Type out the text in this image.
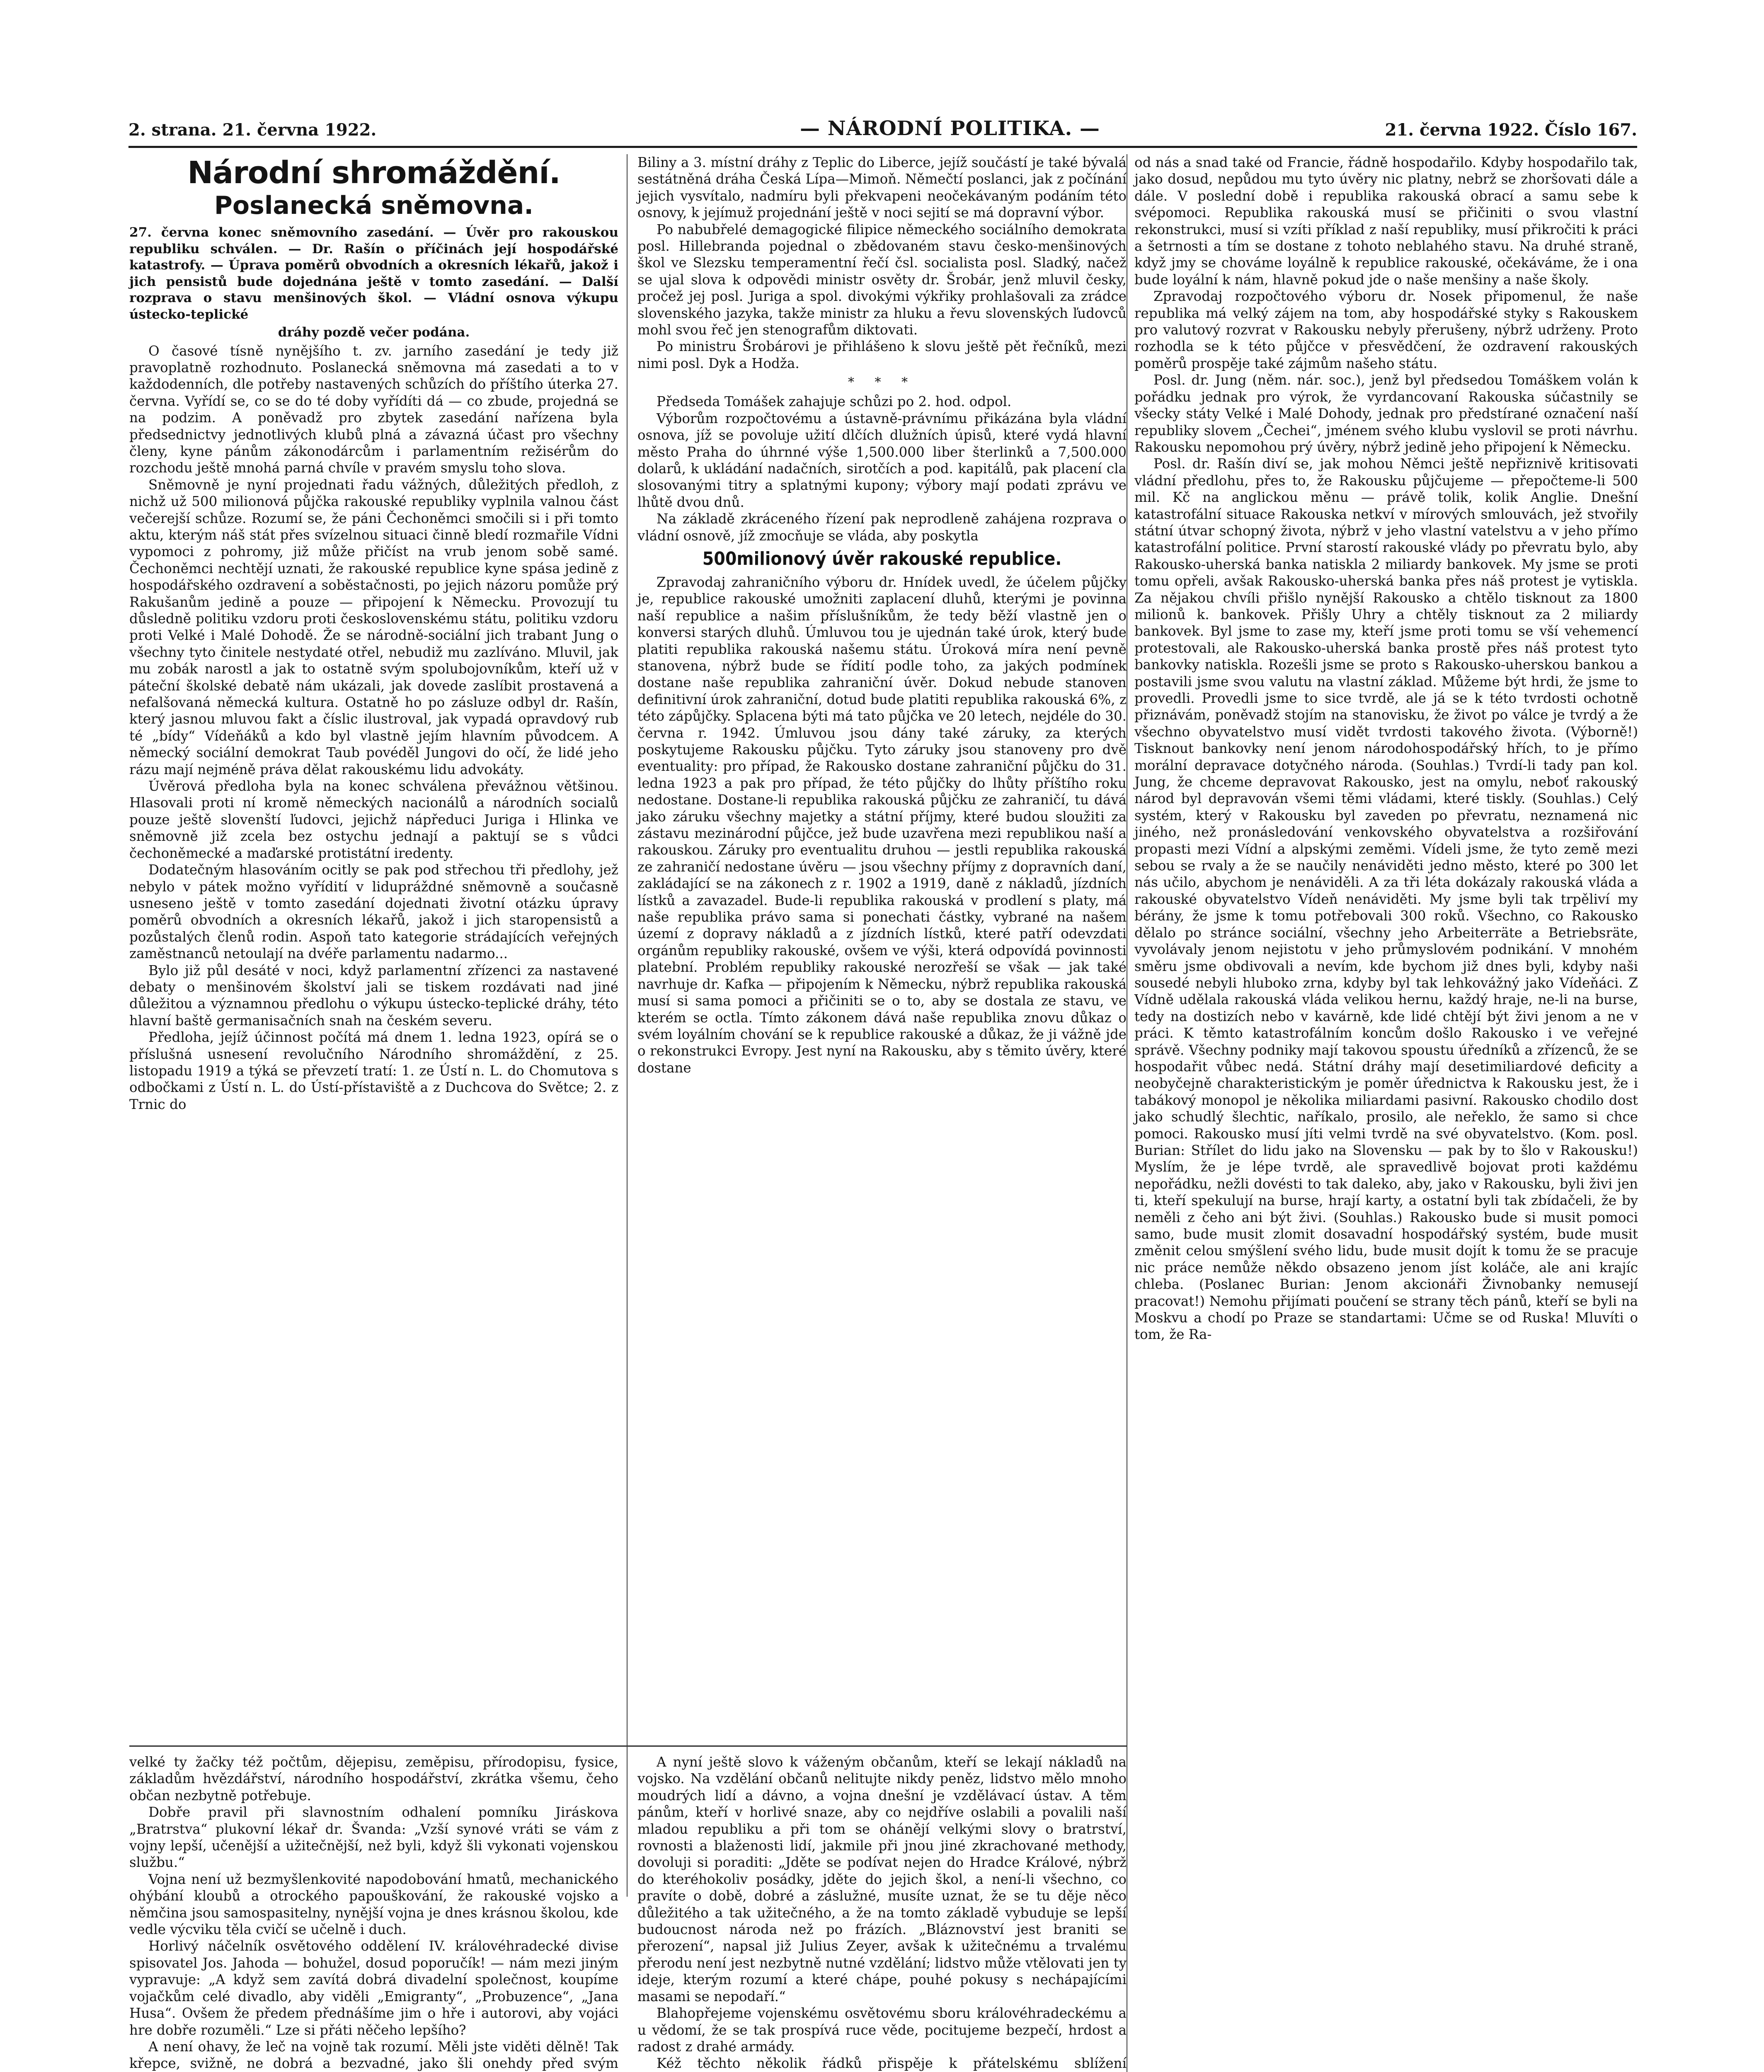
2. strana. 21. června 1922.	— NÁRODNÍ POLITIKA. —	21. června 1922. Číslo 167.
Národní shromáždění.
Poslanecká sněmovna.
27. června konec sněmovního zasedání. — Úvěr pro rakouskou republiku schválen. — Dr. Rašín o příčinách její hospodářské katastrofy. — Úprava poměrů obvodních a okresních lékařů, jakož i jich pensistů bude dojednána ještě v tomto zasedání. — Další rozprava o stavu menšinových škol. — Vládní osnova výkupu ústecko-teplické
dráhy pozdě večer podána.

O časové tísně nynějšího t. zv. jarního zasedání je tedy již pravoplatně rozhodnuto. Poslanecká sněmovna má zasedati a to v každodenních, dle potřeby nastavených schůzích do příštího úterka 27. června. Vyřídí se, co se do té doby vyřídíti dá — co zbude, projedná se na podzim. A poněvadž pro zbytek zasedání nařízena byla předsednictvy jednotlivých klubů plná a závazná účast pro všechny členy, kyne pánům zákonodárcům i parlamentním režisérům do rozchodu ještě mnohá parná chvíle v pravém smyslu toho slova.

Sněmovně je nyní projednati řadu vážných, důležitých předloh, z nichž už 500 milionová půjčka rakouské republiky vyplnila valnou část večerejší schůze. Rozumí se, že páni Čechoněmci smočili si i při tomto aktu, kterým náš stát přes svízelnou situaci činně bledí rozmařile Vídni vypomoci z pohromy, již může přičíst na vrub jenom sobě samé. Čechoněmci nechtějí uznati, že rakouské republice kyne spása jedině z hospodářského ozdravení a soběstačnosti, po jejich názoru pomůže prý Rakušanům jedině a pouze — připojení k Německu. Provozují tu důsledně politiku vzdoru proti československému státu, politiku vzdoru proti Velké i Malé Dohodě. Že se národně-sociální jich trabant Jung o všechny tyto činitele nestydaté otřel, nebudiž mu zazlíváno. Mluvil, jak mu zobák narostl a jak to ostatně svým spolubojovníkům, kteří už v páteční školské debatě nám ukázali, jak dovede zaslíbit prostavená a nefalšovaná německá kultura. Ostatně ho po zásluze odbyl dr. Rašín, který jasnou mluvou fakt a číslic ilustroval, jak vypadá opravdový rub té „bídy“ Vídeňáků a kdo byl vlastně jejím hlavním původcem. A německý sociální demokrat Taub povéděl Jungovi do očí, že lidé jeho rázu mají nejméně práva dělat rakouskému lidu advokáty.

Úvěrová předloha byla na konec schválena převážnou většinou. Hlasovali proti ní kromě německých nacionálů a národních socialů pouze ještě slovenští ľudovci, jejichž nápředuci Juriga i Hlinka ve sněmovně již zcela bez ostychu jednají a paktují se s vůdci čechoněmecké a maďarské protistátní iredenty.

Dodatečným hlasováním ocitly se pak pod střechou tři předlohy, jež nebylo v pátek možno vyřídití v lidupráždné sněmovně a současně usneseno ještě v tomto zasedání dojednati životní otázku úpravy poměrů obvodních a okresních lékařů, jakož i jich staropensistů a pozůstalých členů rodin. Aspoň tato kategorie strádajících veřejných zaměstnanců netoulají na dvéře parlamentu nadarmo...

Bylo již půl desáté v noci, když parlamentní zřízenci za nastavené debaty o menšinovém školství jali se tiskem rozdávati nad jiné důležitou a významnou předlohu o výkupu ústecko-teplické dráhy, této hlavní baště germanisačních snah na českém severu.

Předloha, jejíž účinnost počítá má dnem 1. ledna 1923, opírá se o příslušná usnesení revolučního Národního shromáždění, z 25. listopadu 1919 a týká se převzetí tratí: 1. ze Ústí n. L. do Chomutova s odbočkami z Ústí n. L. do Ústí-přístaviště a z Duchcova do Světce; 2. z Trnic do

Biliny a 3. místní dráhy z Teplic do Liberce, jejíž součástí je také bývalá sestátněná dráha Česká Lípa—Mimoň. Němečtí poslanci, jak z počínání jejich vysvítalo, nadmíru byli překvapeni neočekávaným podáním této osnovy, k jejímuž projednání ještě v noci sejití se má dopravní výbor.

Po nabubřelé demagogické filipice německého sociálního demokrata posl. Hillebranda pojednal o zbědovaném stavu česko-menšinových škol ve Slezsku temperamentní řečí čsl. socialista posl. Sladký, načež se ujal slova k odpovědi ministr osvěty dr. Šrobár, jenž mluvil česky, pročež jej posl. Juriga a spol. divokými výkřiky prohlašovali za zrádce slovenského jazyka, takže ministr za hluku a řevu slovenských ľudovců mohl svou řeč jen stenografům diktovati.

Po ministru Šrobárovi je přihlášeno k slovu ještě pět řečníků, mezi nimi posl. Dyk a Hodža.

* * *

Předseda Tomášek zahajuje schůzi po 2. hod. odpol.

Výborům rozpočtovému a ústavně-právnímu přikázána byla vládní osnova, jíž se povoluje užití dlčích dlužních úpisů, které vydá hlavní město Praha do úhrnné výše 1,500.000 liber šterlinků a 7,500.000 dolarů, k ukládání nadačních, sirotčích a pod. kapitálů, pak placení cla slosovanými titry a splatnými kupony; výbory mají podati zprávu ve lhůtě dvou dnů.

Na základě zkráceného řízení pak neprodleně zahájena rozprava o vládní osnově, jíž zmocňuje se vláda, aby poskytla

500milionový úvěr rakouské republice.

Zpravodaj zahraničního výboru dr. Hnídek uvedl, že účelem půjčky je, republice rakouské umožniti zaplacení dluhů, kterými je povinna naší republice a našim příslušníkům, že tedy běží vlastně jen o konversi starých dluhů. Úmluvou tou je ujednán také úrok, který bude platiti republika rakouská našemu státu. Úroková míra není pevně stanovena, nýbrž bude se řídití podle toho, za jakých podmínek dostane naše republika zahraniční úvěr. Dokud nebude stanoven definitivní úrok zahraniční, dotud bude platiti republika rakouská 6%, z této zápůjčky. Splacena býti má tato půjčka ve 20 letech, nejdéle do 30. června r. 1942. Úmluvou jsou dány také záruky, za kterých poskytujeme Rakousku půjčku. Tyto záruky jsou stanoveny pro dvě eventuality: pro případ, že Rakousko dostane zahraniční půjčku do 31. ledna 1923 a pak pro případ, že této půjčky do lhůty příštího roku nedostane. Dostane-li republika rakouská půjčku ze zahraničí, tu dává jako záruku všechny majetky a státní příjmy, které budou sloužiti za zástavu mezinárodní půjčce, jež bude uzavřena mezi republikou naší a rakouskou. Záruky pro eventualitu druhou — jestli republika rakouská ze zahraničí nedostane úvěru — jsou všechny příjmy z dopravních daní, zakládající se na zákonech z r. 1902 a 1919, daně z nákladů, jízdních lístků a zavazadel. Bude-li republika rakouská v prodlení s platy, má naše republika právo sama si ponechati částky, vybrané na našem území z dopravy nákladů a z jízdních lístků, které patří odevzdati orgánům republiky rakouské, ovšem ve výši, která odpovídá povinnosti platební. Problém republiky rakouské nerozřeší se však — jak také navrhuje dr. Kafka — připojením k Německu, nýbrž republika rakouská musí si sama pomoci a přičiniti se o to, aby se dostala ze stavu, ve kterém se octla. Tímto zákonem dává naše republika znovu důkaz o svém loyálním chování se k republice rakouské a důkaz, že ji vážně jde o rekonstrukci Evropy. Jest nyní na Rakousku, aby s těmito úvěry, které dostane

od nás a snad také od Francie, řádně hospodařilo. Kdyby hospodařilo tak, jako dosud, nepůdou mu tyto úvěry nic platny, nebrž se zhoršovati dále a dále. V poslední době i republika rakouská obrací a samu sebe k svépomoci. Republika rakouská musí se přičiniti o svou vlastní rekonstrukci, musí si vzíti příklad z naší republiky, musí přikročiti k práci a šetrnosti a tím se dostane z tohoto neblahého stavu. Na druhé straně, když jmy se chováme loyálně k republice rakouské, očekáváme, že i ona bude loyální k nám, hlavně pokud jde o naše menšiny a naše školy.

Zpravodaj rozpočtového výboru dr. Nosek připomenul, že naše republika má velký zájem na tom, aby hospodářské styky s Rakouskem pro valutový rozvrat v Rakousku nebyly přerušeny, nýbrž udrženy. Proto rozhodla se k této půjčce v přesvědčení, že ozdravení rakouských poměrů prospěje také zájmům našeho státu.

Posl. dr. Jung (něm. nár. soc.), jenž byl předsedou Tomáškem volán k pořádku jednak pro výrok, že vyrdancovaní Rakouska súčastnily se všecky státy Velké i Malé Dohody, jednak pro předstírané označení naší republiky slovem „Čechei“, jménem svého klubu vyslovil se proti návrhu. Rakousku nepomohou prý úvěry, nýbrž jedině jeho připojení k Německu.

Posl. dr. Rašín diví se, jak mohou Němci ještě nepřiznivě kritisovati vládní předlohu, přes to, že Rakousku půjčujeme — přepočteme-li 500 mil. Kč na anglickou měnu — právě tolik, kolik Anglie. Dnešní katastrofální situace Rakouska netkví v mírových smlouvách, jež stvořily státní útvar schopný života, nýbrž v jeho vlastní vatelstvu a v jeho přímo katastrofální politice. První starostí rakouské vlády po převratu bylo, aby Rakousko-uherská banka natiskla 2 miliardy bankovek. My jsme se proti tomu opřeli, avšak Rakousko-uherská banka přes náš protest je vytiskla. Za nějakou chvíli přišlo nynější Rakousko a chtělo tisknout za 1800 milionů k. bankovek. Přišly Uhry a chtěly tisknout za 2 miliardy bankovek. Byl jsme to zase my, kteří jsme proti tomu se vší vehemencí protestovali, ale Rakousko-uherská banka prostě přes náš protest tyto bankovky natiskla. Rozešli jsme se proto s Rakousko-uherskou bankou a postavili jsme svou valutu na vlastní základ. Můžeme být hrdi, že jsme to provedli. Provedli jsme to sice tvrdě, ale já se k této tvrdosti ochotně přiznávám, poněvadž stojím na stanovisku, že život po válce je tvrdý a že všechno obyvatelstvo musí vidět tvrdosti takového života. (Výborně!) Tisknout bankovky není jenom národohospodářský hřích, to je přímo morální depravace dotyčného národa. (Souhlas.) Tvrdí-li tady pan kol. Jung, že chceme depravovat Rakousko, jest na omylu, neboť rakouský národ byl depravován všemi těmi vládami, které tiskly. (Souhlas.) Celý systém, který v Rakousku byl zaveden po převratu, neznamená nic jiného, než pronásledování venkovského obyvatelstva a rozšiřování propasti mezi Vídní a alpskými zeměmi. Vídeli jsme, že tyto země mezi sebou se rvaly a že se naučily nenáviděti jedno město, které po 300 let nás učilo, abychom je nenáviděli. A za tři léta dokázaly rakouská vláda a rakouské obyvatelstvo Vídeň nenáviděti. My jsme byli tak trpěliví my bérány, že jsme k tomu potřebovali 300 roků. Všechno, co Rakousko dělalo po stránce sociální, všechny jeho Arbeiterräte a Betriebsräte, vyvolávaly jenom nejistotu v jeho průmyslovém podnikání. V mnohém směru jsme obdivovali a nevím, kde bychom již dnes byli, kdyby naši sousedé nebyli hluboko zrna, kdyby byl tak lehkovážný jako Vídeňáci. Z Vídně udělala rakouská vláda velikou hernu, každý hraje, ne-li na burse, tedy na dostizích nebo v kavárně, kde lidé chtějí být živi jenom a ne v práci. K těmto katastrofálním koncům došlo Rakousko i ve veřejné správě. Všechny podniky mají takovou spoustu úředníků a zřízenců, že se hospodařit vůbec nedá. Státní dráhy mají desetimiliardové deficity a neobyčejně charakteristickým je poměr úřednictva k Rakousku jest, že i tabákový monopol je několika miliardami pasivní. Rakousko chodilo dost jako schudlý šlechtic, naříkalo, prosilo, ale neřeklo, že samo si chce pomoci. Rakousko musí jíti velmi tvrdě na své obyvatelstvo. (Kom. posl. Burian: Střílet do lidu jako na Slovensku — pak by to šlo v Rakousku!) Myslím, že je lépe tvrdě, ale spravedlivě bojovat proti každému nepořádku, nežli dovésti to tak daleko, aby, jako v Rakousku, byli živi jen ti, kteří spekulují na burse, hrají karty, a ostatní byli tak zbídačeli, že by neměli z čeho ani být živi. (Souhlas.) Rakousko bude si musit pomoci samo, bude musit zlomit dosavadní hospodářský systém, bude musit změnit celou smýšlení svého lidu, bude musit dojít k tomu že se pracuje nic práce nemůže někdo obsazeno jenom jíst koláče, ale ani krajíc chleba. (Poslanec Burian: Jenom akcionáři Živnobanky nemusejí pracovat!) Nemohu přijímati poučení se strany těch pánů, kteří se byli na Moskvu a chodí po Praze se standartami: Učme se od Ruska! Mluvíti o tom, že Ra-

velké ty žačky též počtům, dějepisu, zeměpisu, přírodopisu, fysice, základům hvězdářství, národního hospodářství, zkrátka všemu, čeho občan nezbytně potřebuje.

Dobře pravil při slavnostním odhalení pomníku Jiráskova „Bratrstva“ plukovní lékař dr. Švanda: „Vzší synové vráti se vám z vojny lepší, učenější a užitečnější, než byli, když šli vykonati vojenskou službu.“

Vojna není už bezmyšlenkovité napodobování hmatů, mechanického ohýbání kloubů a otrockého papouškování, že rakouské vojsko a němčina jsou samospasitelny, nynější vojna je dnes krásnou školou, kde vedle výcviku těla cvičí se učelně i duch.

Horlivý náčelník osvětového oddělení IV. královéhradecké divise spisovatel Jos. Jahoda — bohužel, dosud poporučík! — nám mezi jiným vypravuje: „A když sem zavítá dobrá divadelní společnost, koupíme vojačkům celé divadlo, aby viděli „Emigranty“, „Probuzence“, „Jana Husa“. Ovšem že předem přednášíme jim o hře i autorovi, aby vojáci hre dobře rozuměli.“ Lze si přáti něčeho lepšího?

A není ohavy, že leč na vojně tak rozumí. Měli jste viděti dělně! Tak křepce, svižně, ne dobrá a bezvadné, jako šli onehdy před svým

A nyní ještě slovo k váženým občanům, kteří se lekají nákladů na vojsko. Na vzdělání občanů nelitujte nikdy peněz, lidstvo mělo mnoho moudrých lidí a dávno, a vojna dnešní je vzdělávací ústav. A těm pánům, kteří v horlivé snaze, aby co nejdříve oslabili a povalili naší mladou republiku a při tom se ohánějí velkými slovy o bratrství, rovnosti a blaženosti lidí, jakmile při jnou jiné zkrachované methody, dovoluji si poraditi: „Jděte se podívat nejen do Hradce Králové, nýbrž do kteréhokoliv posádky, jděte do jejich škol, a není-li všechno, co pravíte o době, dobré a záslužné, musíte uznat, že se tu děje něco důležitého a tak užitečného, a že na tomto základě vybuduje se lepší budoucnost národa než po frázích. „Bláznovství jest braniti se přerození“, napsal již Julius Zeyer, avšak k užitečnému a trvalému přerodu není jest nezbytně nutné vzdělání; lidstvo může vtělovati jen ty ideje, kterým rozumí a které chápe, pouhé pokusy s nechápajícími masami se nepodaří.“

Blahopřejeme vojenskému osvětovému sboru královéhradeckému a u vědomí, že se tak prospívá ruce věde, pocitujeme bezpečí, hrdost a radost z drahé armády.

Kéž těchto několik řádků přispěje k přátelskému sblížení
